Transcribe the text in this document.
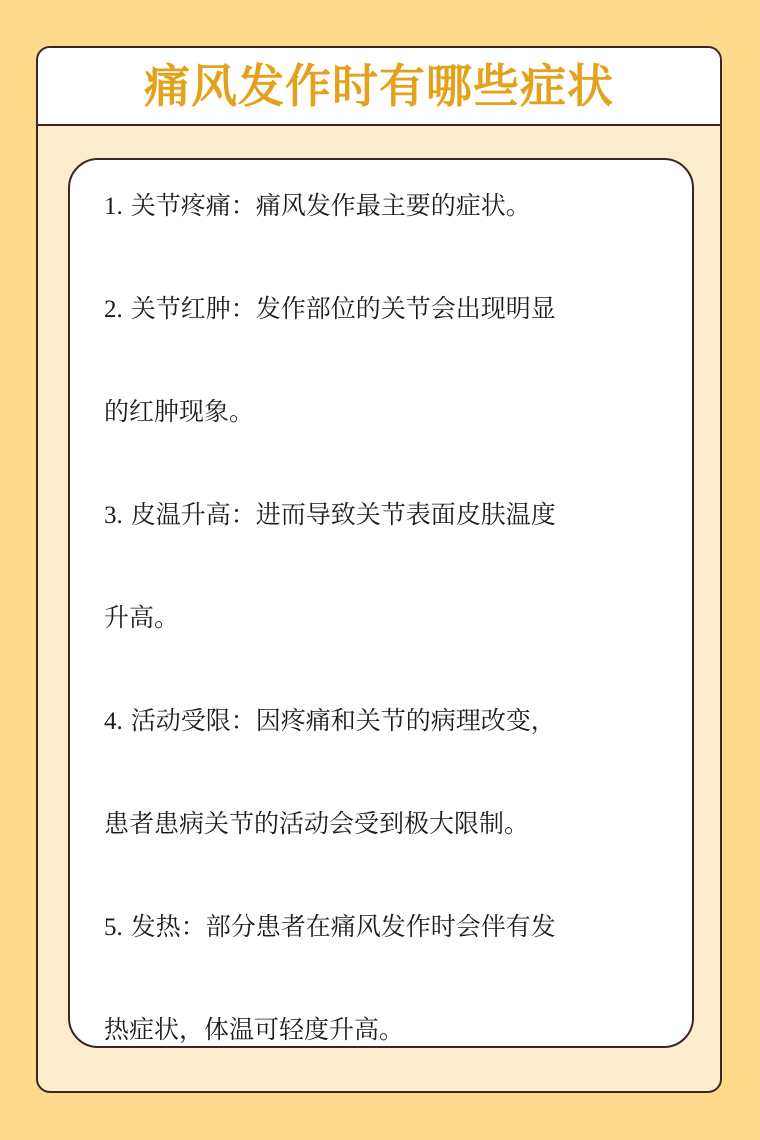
痛风发作时有哪些症状
1. 关节疼痛：痛风发作最主要的症状。
2. 关节红肿：发作部位的关节会出现明显
的红肿现象。
3. 皮温升高：进而导致关节表面皮肤温度
升高。
4. 活动受限：因疼痛和关节的病理改变，
患者患病关节的活动会受到极大限制。
5. 发热：部分患者在痛风发作时会伴有发
热症状，体温可轻度升高。
